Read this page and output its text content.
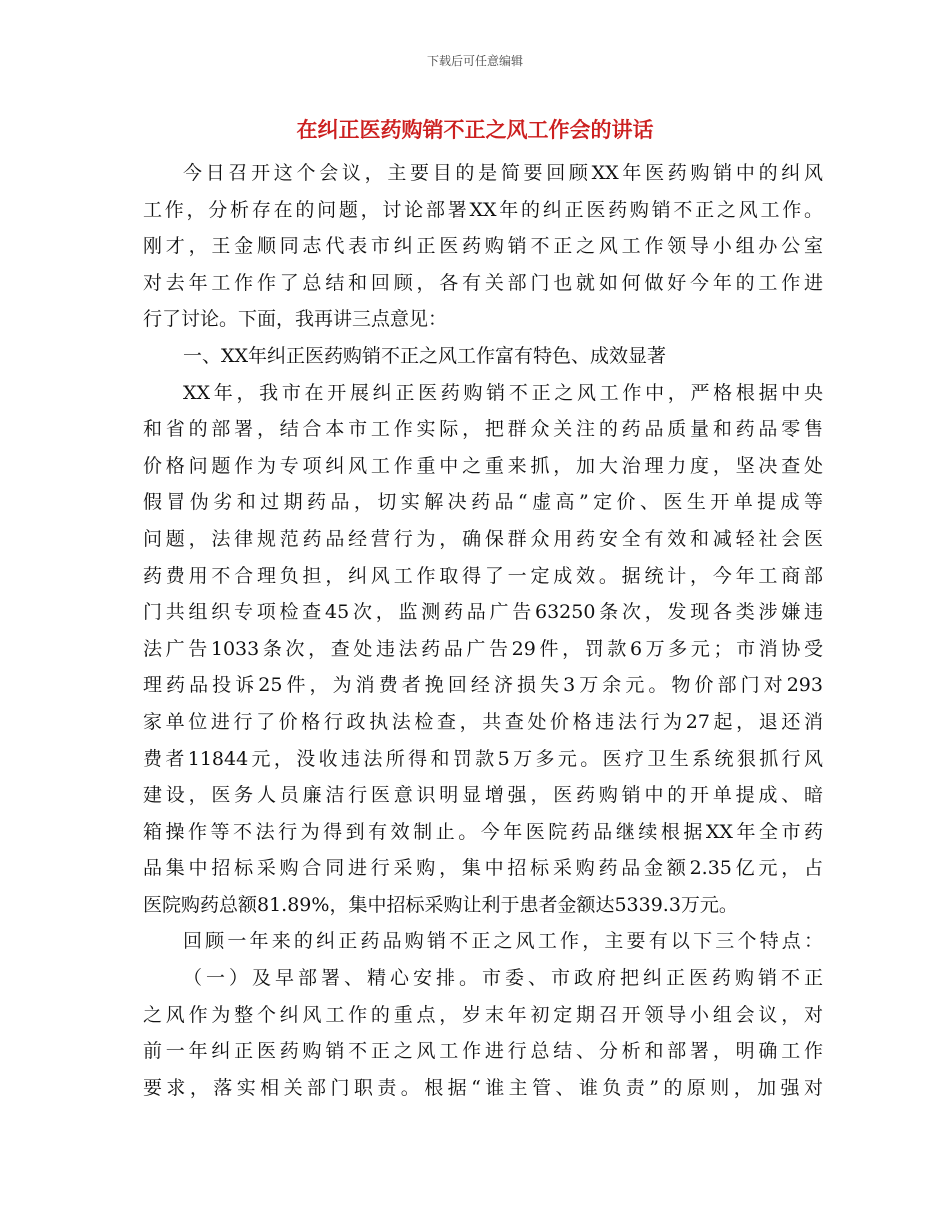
下载后可任意编辑
在纠正医药购销不正之风工作会的讲话
今日召开这个会议，主要目的是简要回顾XX年医药购销中的纠风
工作，分析存在的问题，讨论部署XX年的纠正医药购销不正之风工作。
刚才，王金顺同志代表市纠正医药购销不正之风工作领导小组办公室
对去年工作作了总结和回顾，各有关部门也就如何做好今年的工作进
行了讨论。下面，我再讲三点意见：
一、XX年纠正医药购销不正之风工作富有特色、成效显著
XX年，我市在开展纠正医药购销不正之风工作中，严格根据中央
和省的部署，结合本市工作实际，把群众关注的药品质量和药品零售
价格问题作为专项纠风工作重中之重来抓，加大治理力度，坚决查处
假冒伪劣和过期药品，切实解决药品“虚高”定价、医生开单提成等
问题，法律规范药品经营行为，确保群众用药安全有效和减轻社会医
药费用不合理负担，纠风工作取得了一定成效。据统计，今年工商部
门共组织专项检查45次，监测药品广告63250条次，发现各类涉嫌违
法广告1033条次，查处违法药品广告29件，罚款6万多元；市消协受
理药品投诉25件，为消费者挽回经济损失3万余元。物价部门对293
家单位进行了价格行政执法检查，共查处价格违法行为27起，退还消
费者11844元，没收违法所得和罚款5万多元。医疗卫生系统狠抓行风
建设，医务人员廉洁行医意识明显增强，医药购销中的开单提成、暗
箱操作等不法行为得到有效制止。今年医院药品继续根据XX年全市药
品集中招标采购合同进行采购，集中招标采购药品金额2.35亿元，占
医院购药总额81.89%，集中招标采购让利于患者金额达5339.3万元。
回顾一年来的纠正药品购销不正之风工作，主要有以下三个特点：
（一）及早部署、精心安排。市委、市政府把纠正医药购销不正
之风作为整个纠风工作的重点，岁末年初定期召开领导小组会议，对
前一年纠正医药购销不正之风工作进行总结、分析和部署，明确工作
要求，落实相关部门职责。根据“谁主管、谁负责”的原则，加强对
